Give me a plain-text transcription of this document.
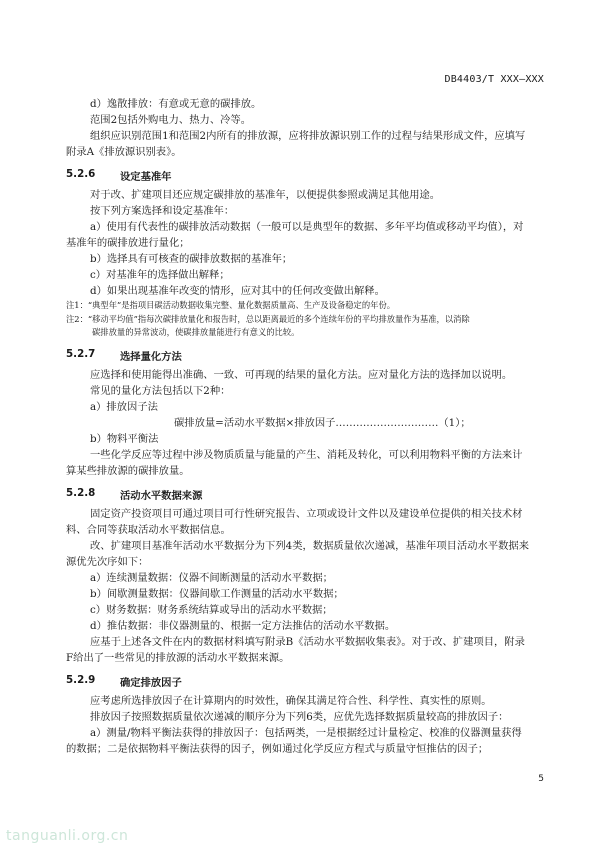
DB4403/T XXX—XXX

d）逸散排放：有意或无意的碳排放。

范围2包括外购电力、热力、冷等。

组织应识别范围1和范围2内所有的排放源，应将排放源识别工作的过程与结果形成文件，应填写

附录A《排放源识别表》。

5.2.6	设定基准年

对于改、扩建项目还应规定碳排放的基准年，以便提供参照或满足其他用途。

按下列方案选择和设定基准年：

a）使用有代表性的碳排放活动数据（一般可以是典型年的数据、多年平均值或移动平均值），对

基准年的碳排放进行量化；

b）选择具有可核查的碳排放数据的基准年；

c）对基准年的选择做出解释；

d）如果出现基准年改变的情形，应对其中的任何改变做出解释。

注1：“典型年”是指项目碳活动数据收集完整、量化数据质量高、生产及设备稳定的年份。

注2：“移动平均值”指每次碳排放量化和报告时，总以距离最近的多个连续年份的平均排放量作为基准，以消除

碳排放量的异常波动，使碳排放量能进行有意义的比较。

5.2.7	选择量化方法

应选择和使用能得出准确、一致、可再现的结果的量化方法。应对量化方法的选择加以说明。

常见的量化方法包括以下2种：

a）排放因子法

碳排放量=活动水平数据×排放因子…………………………（1）；

b）物料平衡法

一些化学反应等过程中涉及物质质量与能量的产生、消耗及转化，可以利用物料平衡的方法来计

算某些排放源的碳排放量。

5.2.8	活动水平数据来源

固定资产投资项目可通过项目可行性研究报告、立项或设计文件以及建设单位提供的相关技术材

料、合同等获取活动水平数据信息。

改、扩建项目基准年活动水平数据分为下列4类，数据质量依次递减，基准年项目活动水平数据来

源优先次序如下：

a）连续测量数据：仪器不间断测量的活动水平数据；

b）间歇测量数据：仪器间歇工作测量的活动水平数据；

c）财务数据：财务系统结算或导出的活动水平数据；

d）推估数据：非仪器测量的、根据一定方法推估的活动水平数据。

应基于上述各文件在内的数据材料填写附录B《活动水平数据收集表》。对于改、扩建项目，附录

F给出了一些常见的排放源的活动水平数据来源。

5.2.9	确定排放因子

应考虑所选排放因子在计算期内的时效性，确保其满足符合性、科学性、真实性的原则。

排放因子按照数据质量依次递减的顺序分为下列6类，应优先选择数据质量较高的排放因子：

a）测量/物料平衡法获得的排放因子：包括两类，一是根据经过计量检定、校准的仪器测量获得

的数据；二是依据物料平衡法获得的因子，例如通过化学反应方程式与质量守恒推估的因子；

5
tanguanli.org.cn
